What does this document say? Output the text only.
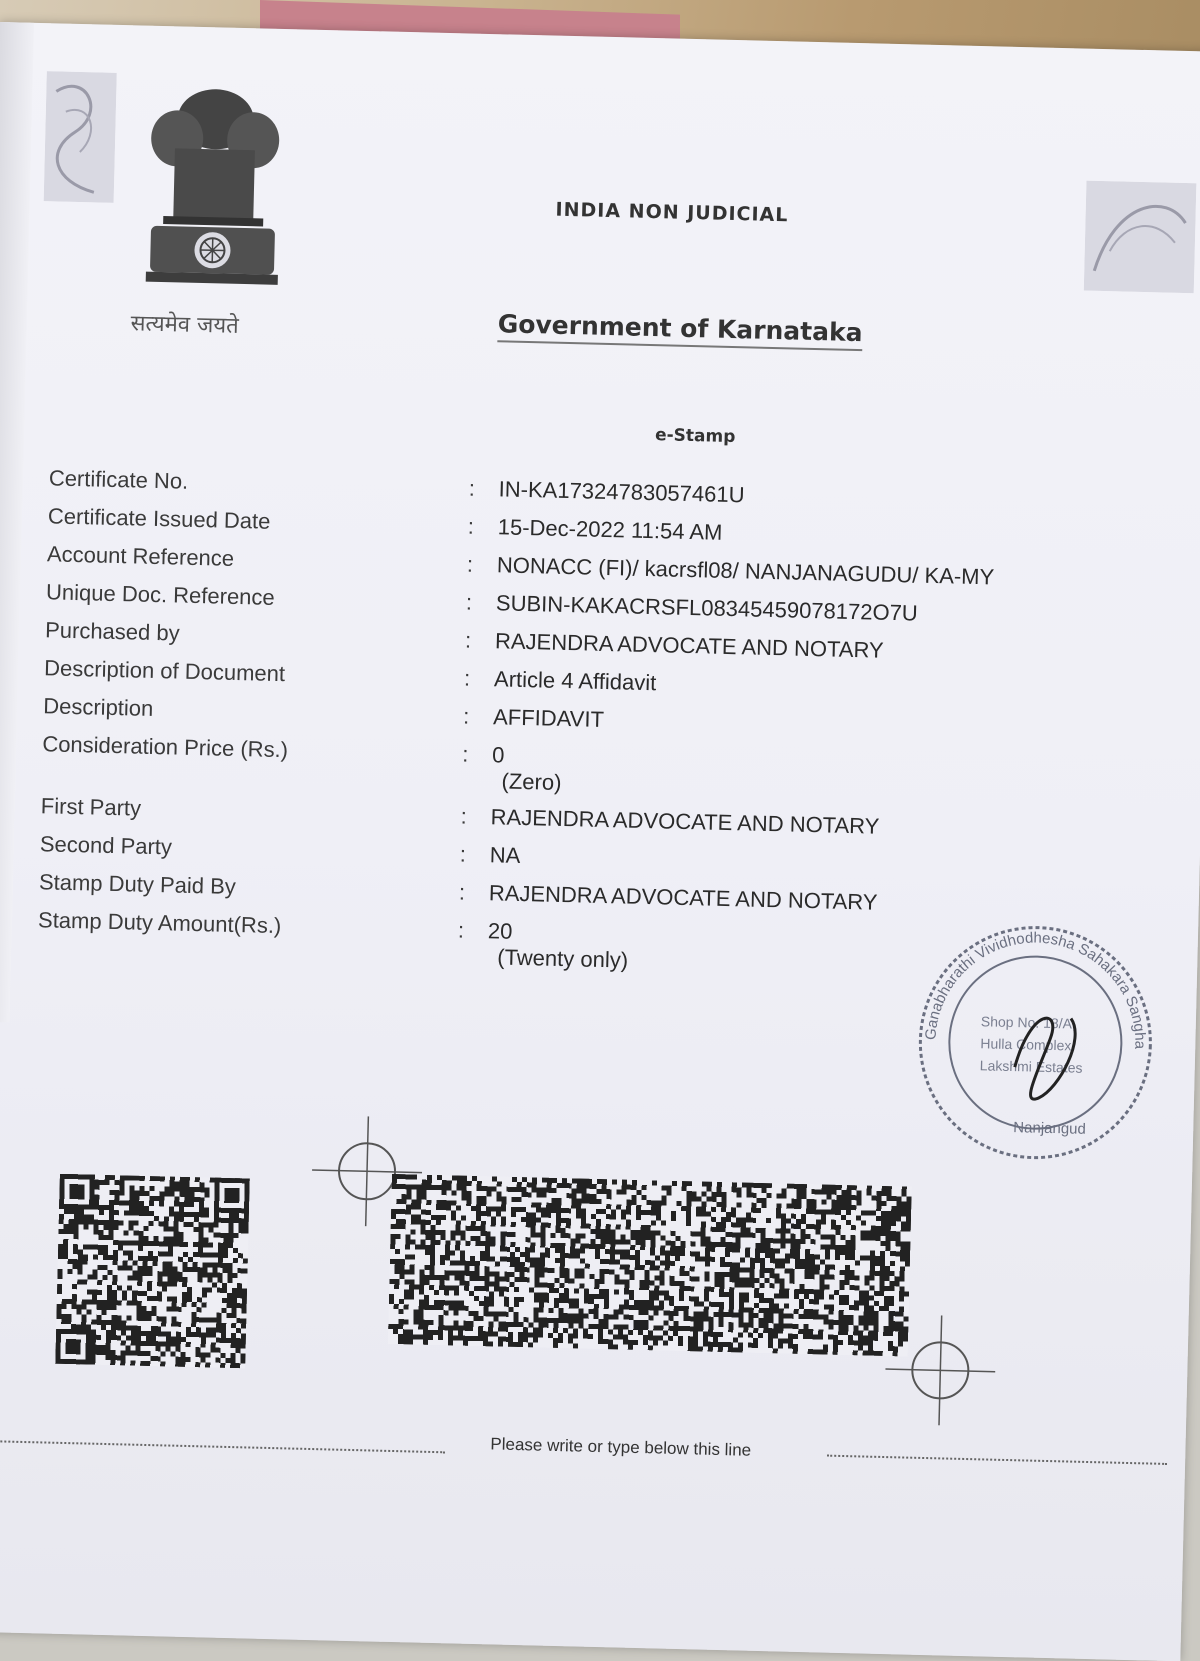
सत्यमेव जयते
INDIA NON JUDICIAL
Government of Karnataka
e-Stamp
Certificate No.	: IN-KA17324783057461U
Certificate Issued Date	: 15-Dec-2022 11:54 AM
Account Reference	: NONACC (FI)/ kacrsfl08/ NANJANAGUDU/ KA-MY
Unique Doc. Reference	: SUBIN-KAKACRSFL08345459078172O7U
Purchased by	: RAJENDRA ADVOCATE AND NOTARY
Description of Document	: Article 4 Affidavit
Description	: AFFIDAVIT
Consideration Price (Rs.)	: 0
(Zero)
First Party	: RAJENDRA ADVOCATE AND NOTARY
Second Party	: NA
Stamp Duty Paid By	: RAJENDRA ADVOCATE AND NOTARY
Stamp Duty Amount(Rs.)	: 20
(Twenty only)
Ganabharathi Vividhodhesha Sahakara Sangha
Shop No. 18/A,
Hulla Complex
Lakshmi Estates
Nanjangud
Please write or type below this line
